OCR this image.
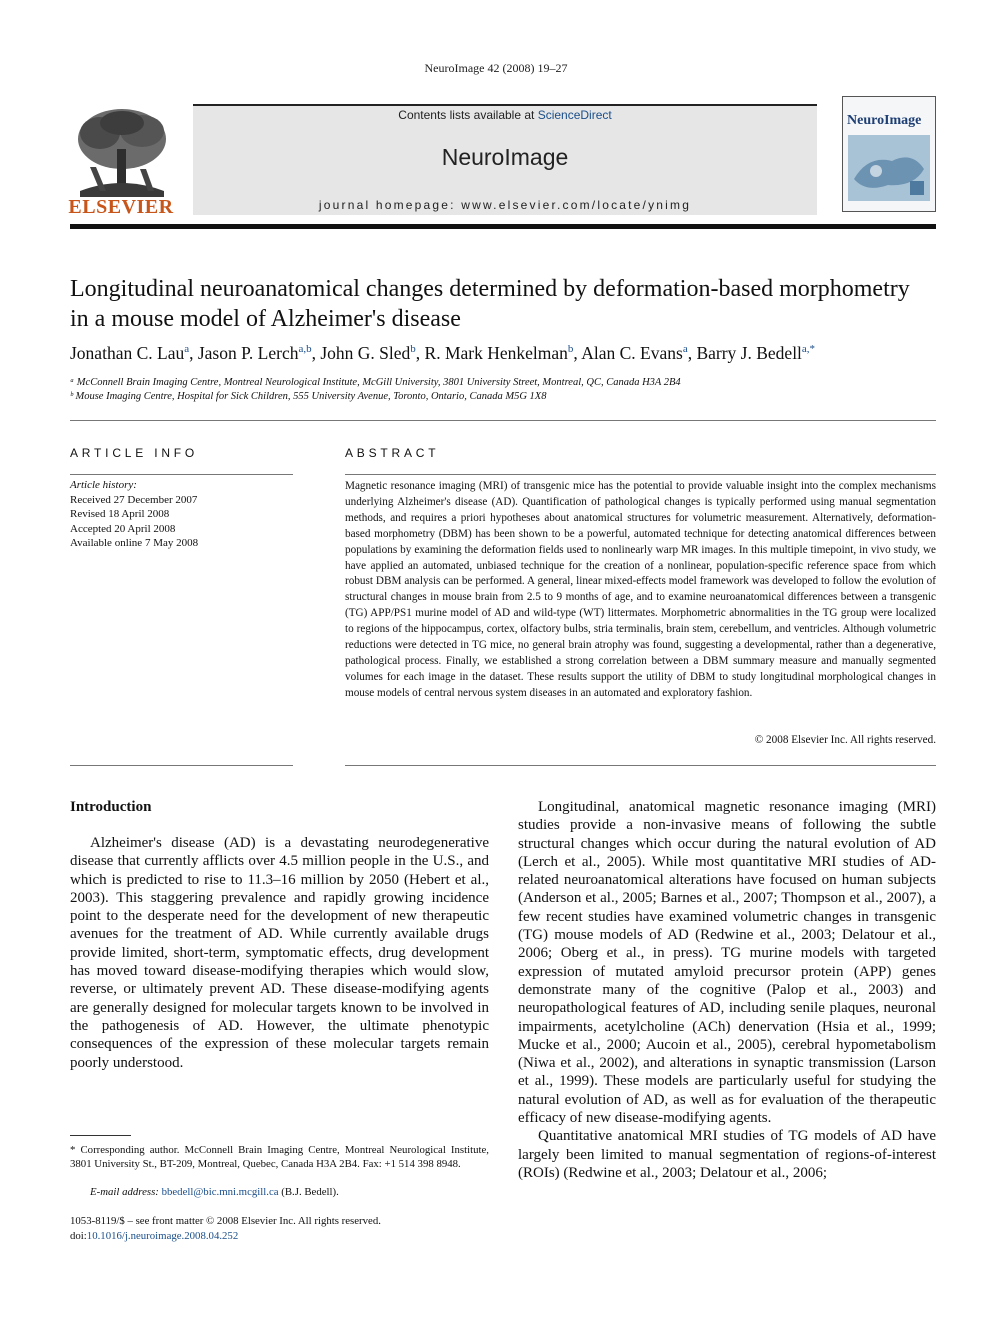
NeuroImage 42 (2008) 19–27
ELSEVIER
Contents lists available at ScienceDirect
NeuroImage
journal homepage: www.elsevier.com/locate/ynimg
NeuroImage
Longitudinal neuroanatomical changes determined by deformation-based morphometry in a mouse model of Alzheimer's disease
Jonathan C. Lau$^a$, Jason P. Lerch$^{a,b}$, John G. Sled$^b$, R. Mark Henkelman$^b$, Alan C. Evans$^a$, Barry J. Bedell$^{a,*}$
ᵃ McConnell Brain Imaging Centre, Montreal Neurological Institute, McGill University, 3801 University Street, Montreal, QC, Canada H3A 2B4
ᵇ Mouse Imaging Centre, Hospital for Sick Children, 555 University Avenue, Toronto, Ontario, Canada M5G 1X8
ARTICLE INFO
Article history:
Received 27 December 2007
Revised 18 April 2008
Accepted 20 April 2008
Available online 7 May 2008
ABSTRACT
Magnetic resonance imaging (MRI) of transgenic mice has the potential to provide valuable insight into the complex mechanisms underlying Alzheimer's disease (AD). Quantification of pathological changes is typically performed using manual segmentation methods, and requires a priori hypotheses about anatomical structures for volumetric measurement. Alternatively, deformation-based morphometry (DBM) has been shown to be a powerful, automated technique for detecting anatomical differences between populations by examining the deformation fields used to nonlinearly warp MR images. In this multiple timepoint, in vivo study, we have applied an automated, unbiased technique for the creation of a nonlinear, population-specific reference space from which robust DBM analysis can be performed. A general, linear mixed-effects model framework was developed to follow the evolution of structural changes in mouse brain from 2.5 to 9 months of age, and to examine neuroanatomical differences between a transgenic (TG) APP/PS1 murine model of AD and wild-type (WT) littermates. Morphometric abnormalities in the TG group were localized to regions of the hippocampus, cortex, olfactory bulbs, stria terminalis, brain stem, cerebellum, and ventricles. Although volumetric reductions were detected in TG mice, no general brain atrophy was found, suggesting a developmental, rather than a degenerative, pathological process. Finally, we established a strong correlation between a DBM summary measure and manually segmented volumes for each image in the dataset. These results support the utility of DBM to study longitudinal morphological changes in mouse models of central nervous system diseases in an automated and exploratory fashion.
© 2008 Elsevier Inc. All rights reserved.
Introduction

Alzheimer's disease (AD) is a devastating neurodegenerative disease that currently afflicts over 4.5 million people in the U.S., and which is predicted to rise to 11.3–16 million by 2050 (Hebert et al., 2003). This staggering prevalence and rapidly growing incidence point to the desperate need for the development of new therapeutic avenues for the treatment of AD. While currently available drugs provide limited, short-term, symptomatic effects, drug development has moved toward disease-modifying therapies which would slow, reverse, or ultimately prevent AD. These disease-modifying agents are generally designed for molecular targets known to be involved in the pathogenesis of AD. However, the ultimate phenotypic consequences of the expression of these molecular targets remain poorly understood.

Longitudinal, anatomical magnetic resonance imaging (MRI) studies provide a non-invasive means of following the subtle structural changes which occur during the natural evolution of AD (Lerch et al., 2005). While most quantitative MRI studies of AD-related neuroanatomical alterations have focused on human subjects (Anderson et al., 2005; Barnes et al., 2007; Thompson et al., 2007), a few recent studies have examined volumetric changes in transgenic (TG) mouse models of AD (Redwine et al., 2003; Delatour et al., 2006; Oberg et al., in press). TG murine models with targeted expression of mutated amyloid precursor protein (APP) genes demonstrate many of the cognitive (Palop et al., 2003) and neuropathological features of AD, including senile plaques, neuronal impairments, acetylcholine (ACh) denervation (Hsia et al., 1999; Mucke et al., 2000; Aucoin et al., 2005), cerebral hypometabolism (Niwa et al., 2002), and alterations in synaptic transmission (Larson et al., 1999). These models are particularly useful for studying the natural evolution of AD, as well as for evaluation of the therapeutic efficacy of new disease-modifying agents.

Quantitative anatomical MRI studies of TG models of AD have largely been limited to manual segmentation of regions-of-interest (ROIs) (Redwine et al., 2003; Delatour et al., 2006;

* Corresponding author. McConnell Brain Imaging Centre, Montreal Neurological Institute, 3801 University St., BT-209, Montreal, Quebec, Canada H3A 2B4. Fax: +1 514 398 8948.
E-mail address: bbedell@bic.mni.mcgill.ca (B.J. Bedell).
1053-8119/$ – see front matter © 2008 Elsevier Inc. All rights reserved.
doi:10.1016/j.neuroimage.2008.04.252
